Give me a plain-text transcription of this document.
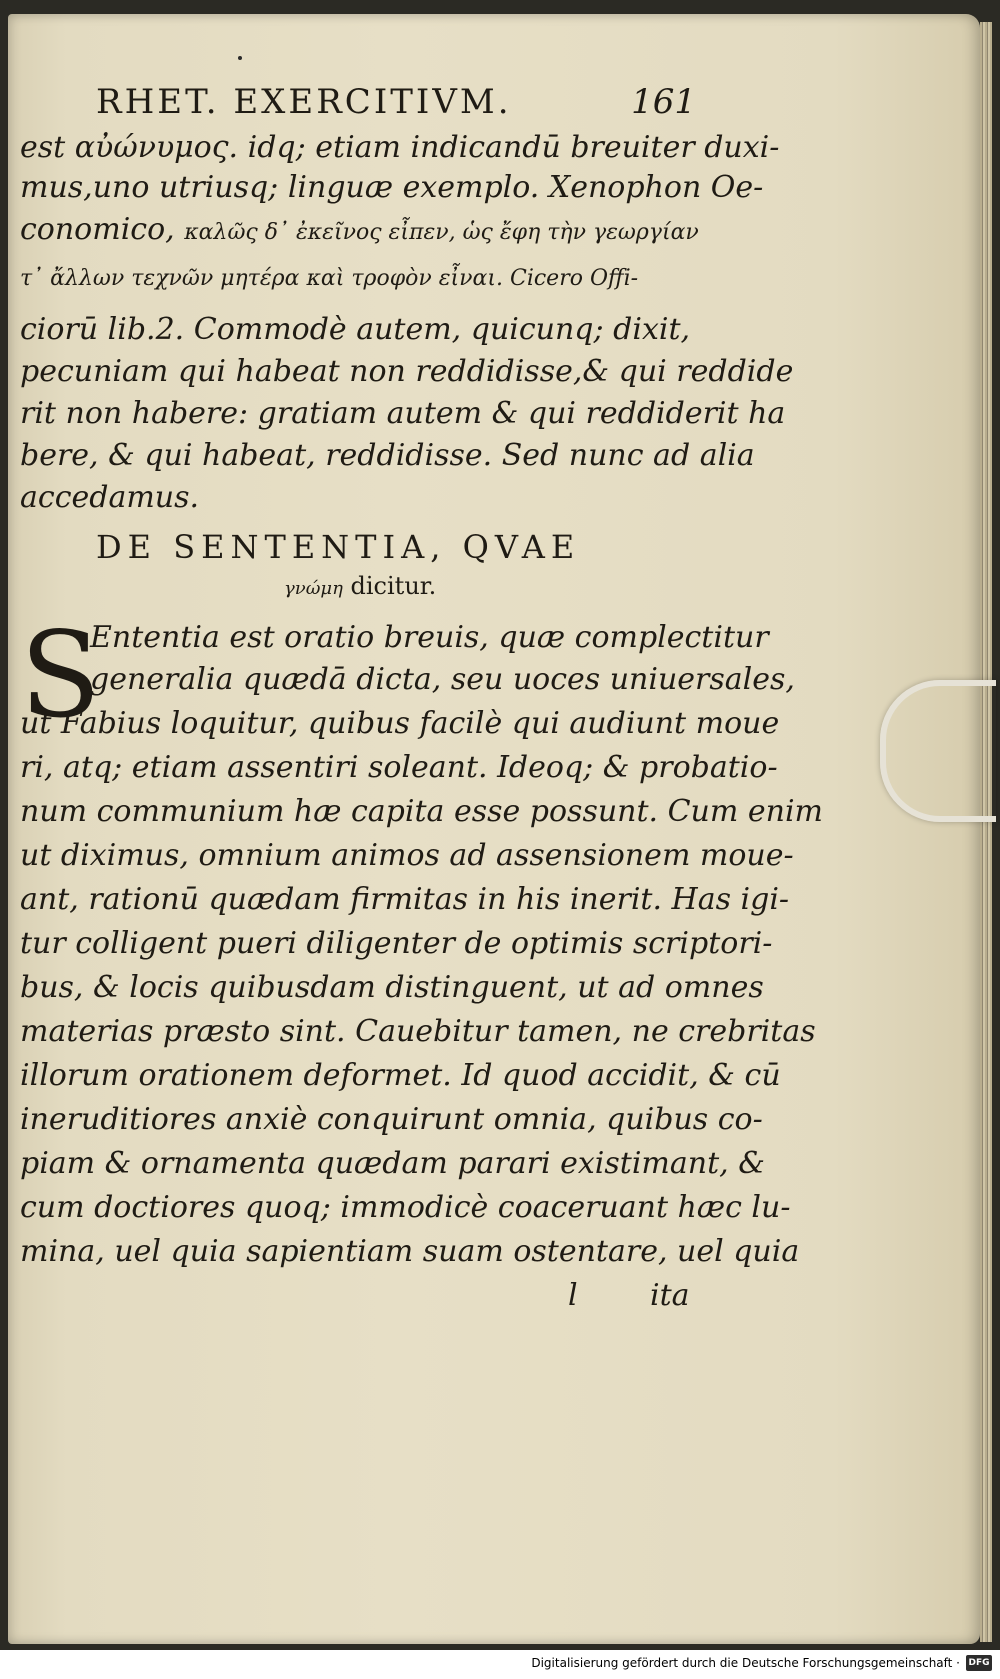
RHET. EXERCITIVM.	161
est αὐώνυμος. idq; etiam indicandū breuiter duxi-
mus,uno utriusq; linguæ exemplo. Xenophon Oe-
conomico, καλῶς δ᾽ ἐκεῖνος εἶπεν, ὡς ἔφη τὴν γεωργίαν
τ᾽ ἄλλων τεχνῶν μητέρα καὶ τροφὸν εἶναι. Cicero Offi-
ciorū lib.2. Commodè autem, quicunq; dixit,
pecuniam qui habeat non reddidisse,& qui reddide
rit non habere: gratiam autem & qui reddiderit ha
bere, & qui habeat, reddidisse. Sed nunc ad alia
accedamus.
DE SENTENTIA, QVAE
γνώμη dicitur.
S
Ententia est oratio breuis, quæ complectitur
generalia quædā dicta, seu uoces uniuersales,
ut Fabius loquitur, quibus facilè qui audiunt moue
ri, atq; etiam assentiri soleant. Ideoq; & probatio-
num communium hæ capita esse possunt. Cum enim
ut diximus, omnium animos ad assensionem moue-
ant, rationū quædam firmitas in his inerit. Has igi-
tur colligent pueri diligenter de optimis scriptori-
bus, & locis quibusdam distinguent, ut ad omnes
materias præsto sint. Cauebitur tamen, ne crebritas
illorum orationem deformet. Id quod accidit, & cū
ineruditiores anxiè conquirunt omnia, quibus co-
piam & ornamenta quædam parari existimant, &
cum doctiores quoq; immodicè coaceruant hæc lu-
mina, uel quia sapientiam suam ostentare, uel quia
l ita
Digitalisierung gefördert durch die Deutsche Forschungsgemeinschaft · DFG
